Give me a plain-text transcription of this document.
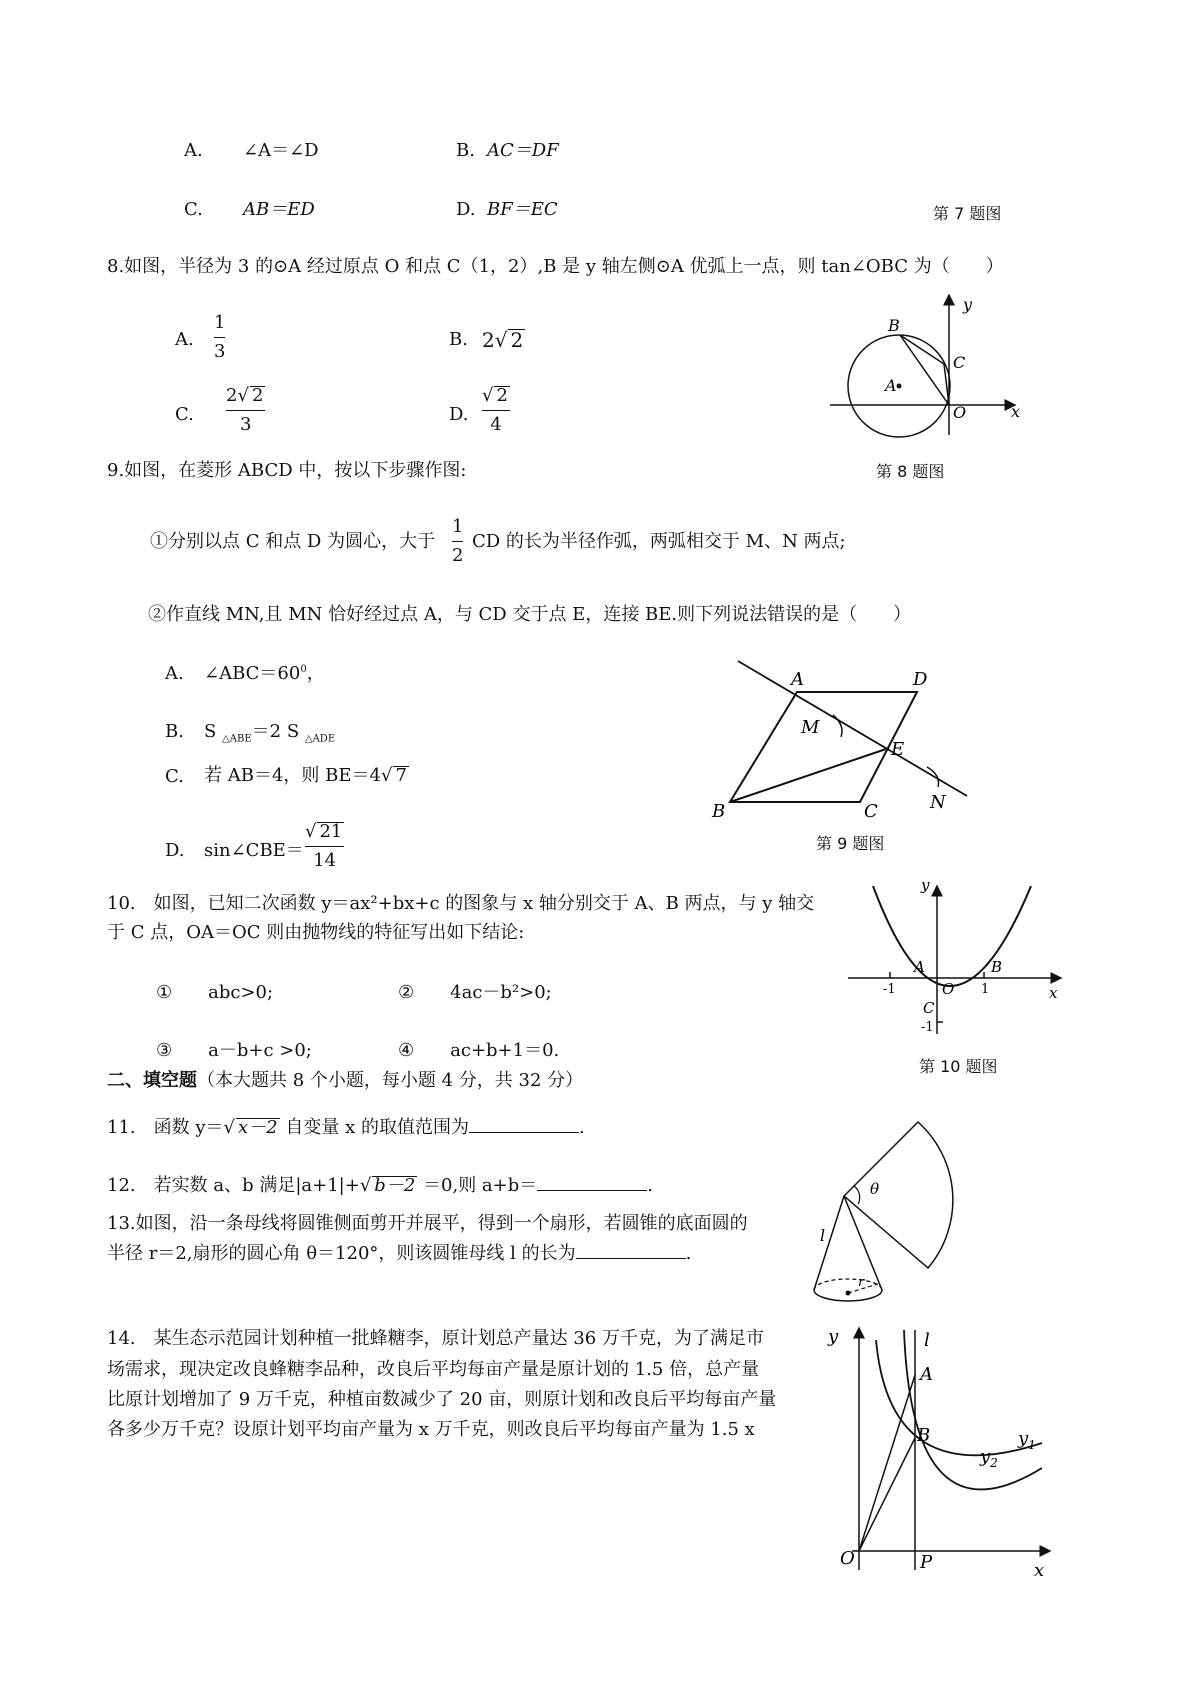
A. ∠A＝∠D	B. AC＝DF
C. AB＝ED	D. BF＝EC	第 7 题图
8.如图，半径为 3 的⊙A 经过原点 O 和点 C（1，2）,B 是 y 轴左侧⊙A 优弧上一点，则 tan∠OBC 为（　　）
A.
1
3
B. 2√ 2
C.
2√ 2
3	D.
√ 2
4
y
x
B
C
A
O
第 8 题图
9.如图，在菱形 ABCD 中，按以下步骤作图:
①分别以点 C 和点 D 为圆心，大于
1
2
CD 的长为半径作弧，两弧相交于 M、N 两点;
②作直线 MN,且 MN 恰好经过点 A，与 CD 交于点 E，连接 BE.则下列说法错误的是（　　）
A. $\angle ABC=60^0$，
B. S $_{\triangle ABE}$＝2 S $_{\triangle ADE}$
C. 若 AB＝4，则 BE＝4√ 7
D. sin∠CBE＝
√ 21
14
A	D
M
E
B	C	N
第 9 题图
10.　如图，已知二次函数 y＝ax²+bx+c 的图象与 x 轴分别交于 A、B 两点，与 y 轴交
于 C 点，OA＝OC 则由抛物线的特征写出如下结论:
①　　abc>0;	②　　4ac－b²>0;
③　　a－b+c >0;	④　　ac+b+1＝0.
y
x
A	B
O
C
-1	1
-1
第 10 题图
二、填空题（本大题共 8 个小题，每小题 4 分，共 32 分）
11.　函数 y＝√ x－2 自变量 x 的取值范围为	.
12.　若实数 a、b 满足|a+1|+√ b－2 ＝0,则 a+b＝	.
13.如图，沿一条母线将圆锥侧面剪开并展平，得到一个扇形，若圆锥的底面圆的
半径 r＝2,扇形的圆心角 θ＝120°，则该圆锥母线 l 的长为	.
θ
l
r
14.　某生态示范园计划种植一批蜂糖李，原计划总产量达 36 万千克，为了满足市
场需求，现决定改良蜂糖李品种，改良后平均每亩产量是原计划的 1.5 倍，总产量
比原计划增加了 9 万千克，种植亩数减少了 20 亩，则原计划和改良后平均每亩产量
各多少万千克？设原计划平均亩产量为 x 万千克，则改良后平均每亩产量为 1.5 x
y	l
A
$y_1$
B
$y_2$
O	P	x
